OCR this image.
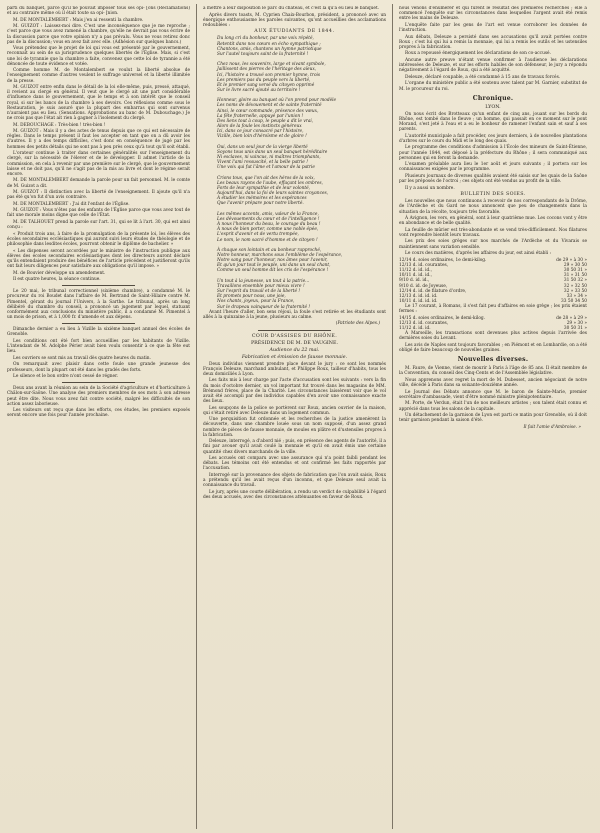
parti du banquet, parce qu'il ne pouvait imposer tous ses opi- [ons (Réclamations) et au contraire même où il était toute sa opi- [nion.

M. DE MONTALEMBERT : Mais j'en ai ressenti la chambre.

M. GUIZOT : Laissez-moi dire. C'est une inconséquence que je me reproche ; c'est parce que vous avez ramené la chambre, qu'elle ne devrait pas vous écrire de la discussion parce que votre opinion n'y a pas prévalu. Vous ne vous retirez donc pas de la discussion; vous en avez fait avec elle. (Adhésion sur quelques bancs.)

Vous prétendez que le projet de loi qui vous est présenté par le gouvernement, reconnaît au sein de sa jurisprudence quelques libertés de l'Église. Mais, si c'est une loi de tyrannie que la chambre a faite, convenez que cette loi de tyrannie a été dénoncée de toute évidence et votée.

Comme homme M. de Montalembert se voulut la liberté absolue de l'enseignement comme d'autres veulent le suffrage universel et la liberté illimitée de la presse.

M. GUIZOT entre enfin dans le détail de la loi elle-même, puis, pressé, attaqué, il revient au clergé en général. Il veut que le clergé ait une part considérable d'influence dans le gouvernement, que le temps et à son intérêt que le conseil royal, si sur les bancs de la chambre à ses devoirs. Ces réflexions comme sous le Restauration, je suis assuré que la plupart des embarras qui sont survenus n'auraient pas eu lieu. (Sensations. Approbations au banc de M. Dubouchage.) Je ne crois pas que l'état ait rien à gagner à l'isolement du clergé.

M. DEBOUCHAGE : Très-bien ! très-bien !

M. GUIZOT : Mais il y a des actes de tenus depuis que ce qui est nécessaire de règles. Dans le temps présent il faut les accepter en tant que on a dû avoir les d'autres. Il y a des temps difficiles, c'est donc en conséquence de jugé par les hommes des petits détails qui ne sont pas à peu près ceux qu'à tout qu'il soit établi.

L'orateur continue à traiter dans certaines généralités sur l'enseignement du clergé, sur la nécessité de l'élever et de le développer. Il admet l'article de la commission, en cela à revenir par une première sur le clergé, que le gouvernement laisse et ne doit pas, qu'il ne s'agit pas de la mis au livre et dont le régime serait encore.

M. DE MONTALEMBERT demande la parole pour un fait personnel. M. le comte de M. Guizot a dit.

M. GUIZOT : Il distinction avec la liberté de l'enseignement. Il ajoute qu'il n'a pas été qu'on fut d'un avis contraire.

M. DE MONTALEMBERT : J'ai dit l'enfant de l'Église.

M. GUIZOT : Vous n'êtes pas des enfants de l'Église parce que vous avez tout de fait une morale moins digne que celle de l'État.

M. DE TALHOUET prend la parole sur l'art. 31, qui se lit à l'art. 30, qui est ainsi conçu :

« Produit trois ans, à faire de la promulgation de la présente loi, les élèves des écoles secondaires ecclésiastiques qui auront suivi leurs études de théologie et de philosophie dans lesdites écoles, pourront obtenir le diplôme de bachelier. »

« Les dispenses seront accordées par le ministre de l'instruction publique aux élèves des écoles secondaires ecclésiastiques dont les directeurs auront déclaré qu'ils entendaient produire des bénéfices de l'article précédent et justifieront qu'ils ont fait leurs diligences pour satisfaire aux obligations qu'il impose. »

M. de Bouvier développe un amendement.

Il est quatre heures, la séance continue.

Le 20 mai, le tribunal correctionnel (sixième chambre), a condamné M. le procureur du roi Boudet dans l'affaire de M. Bertrand de Saint-Hilaire contre M. Pimentel, gérant du journal l'Univers, à la Sarthe. Le tribunal, après un long délibéré du chambre du conseil, a prononcé un jugement par lequel, statuant conformément aux conclusions du ministère public, il a condamné M. Pimentel à un mois de prison, et à 1,000 fr. d'amende et aux dépens.

Dimanche dernier a eu lieu à Vizille la sixième banquet annuel des écoles de Grenoble.

Les conditions ont été fort bien accueillies par les habitants de Vizille. L'intendant de M. Adolphe Périer avait bien voulu consentir à ce que la fête eut lieu.

Les ouvriers se sont mis au travail dès quatre heures du matin.

On remarquait avec plaisir dans cette foule une grande jeunesse des professeurs, dont la plupart ont été dans les gradés des forts.

Le silence et le bon ordre n'ont cessé de régner.

Deux ans avant la réunion au sein de la Société d'agriculture et d'horticulture à Châlon-sur-Saône. Une analyse des premiers membres de ses mots à son adresse peut être dite. Nous vous avez fait contre société, malgré les difficultés de son action assez laborieuse.

Les visiteurs ont reçu que dans les efforts, ces études, les premiers exposés seront encore une fois pour l'année prochaine.

à mettre à leur disposition le parc du château, et c'est là qu'a eu lieu le banquet.

Après divers toasts, M. Cyprien Chaix-Bourbon, président, a prononcé avec un énergique enthousiasme les paroles suivantes, qu'ont accueillies des acclamations redoublées :

AUX ÉTUDIANTS DE 1844.
Du long cri du bonheur, par une voix répété,
Retentit dans nos cœurs en écho sympathique ;
Chantons, amis, chantons un hymne patriotique
Sur l'autel toujours saint de la fraternité !

Chez nous, les souvenirs, large et vivant symbole,
Jaillissent des pierres de l'héritage des aïeux,
Ici, l'histoire a trouvé son premier hymne, trois
Les premiers pas du peuple vers la liberté,
Et le premier sang versé du citoyen opprimé
Sur le livre sacré ajouté au territoire !

Honneur, gloire au banquet où l'on prend pour modèle
Les noms de dévouement et de sainte fraternité
Ainsi, le cœur commande, présence des vœux,
La fête fraternelle, appuyé par l'union !
Des liens tout à coup, le peuple a dit le vrai,
Alors de la foule les instincts généreux
Ici, dans ce jour consacré par l'histoire,
Vizille, bien loin d'héroïsme et de gloire !

Oui, dans un seul jour de la vierge liberté
Soyons tous unis dans un seul banquet héréditaire
Ni esclaves, ni vaincus, ni maîtres triomphants,
Vivent l'ami ressuscité, et la belle patrie !
Une voix qui fut l'âme et l'amour de la patrie

Crions tous, que l'on ait des héros de la voix,
Les beaux rayons de l'aube, effaçant les ombres,
Forts de leur sympathie et de leur volonté,
Aujourd'hui, dans la foi de leurs saintes croyances,
À étudier les mémoires et les espérances
Que l'avenir prépare pour notre liberté.

Les mêmes accents, amis, valeur de la France,
Les dévouements du cœur et de l'intelligence !
À nous l'honneur du beau, le courage du beau !
À nous de bien porter, comme une noble épée,
L'esprit d'avenir et de vertu trempée,
Le nom, le nom sacré d'homme et de citoyen !

À chaque son lointain et au bonheur rapproché,
Notre honneur, marchons sous l'emblème de l'espérance,
Notre sang pour l'honneur, nos âmes pour l'avenir,
Et qu'un jour tout le peuple, uni dans un seul chant,
Comme un seul homme dit les cris de l'espérance !

Un tout à la jeunesse, un tout à la patrie...
Travaillons ensemble pour mieux vivre !
Sur l'esprit du travail et de la liberté !
Et promets pour nous, une joie,
Nos chants, joyeux, pour la France,
Sur le drapeau vainqueur de la fraternité !

Avant l'heure d'aller, bon sens réjoui, la foule s'est retirée et les étudiants sont allés à la quinzaine à la jeune, plusieurs au calme.

(Patriote des Alpes.)
COUR D'ASSISES DU RHÔNE.
PRÉSIDENCE DE M. DE VAUGINE.
Audience du 22 mai.
Fabrication et émission de fausse monnaie.

Deux individus viennent prendre place devant le jury : ce sont les nommés François Deleuze, marchand ambulant, et Philippe Roux, tailleur d'habits, tous les deux domiciliés à Lyon.

Les faits mis à leur charge par l'acte d'accusation sont les suivants : vers la fin du mois d'octobre dernier, un vol important fut trouvé dans les magasins de MM. Brémond frères, place de la Charité. Les circonstances laissèrent voir que le vol avait été accompli par des individus capables d'en avoir une connaissance exacte des lieux.

Les soupçons de la police se portèrent sur Roux, ancien ouvrier de la maison, qui s'était retiré avec Deleuze dans un logement commun.

Une perquisition fut ordonnée et les recherches de la justice amenèrent la découverte, dans une chambre louée sous un nom supposé, d'un assez grand nombre de pièces de fausse monnaie, de moules en plâtre et d'ustensiles propres à la fabrication.

Deleuze, interrogé, a d'abord nié ; puis, en présence des agents de l'autorité, il a fini par avouer qu'il avait coulé la monnaie et qu'il en avait émis une certaine quantité chez divers marchands de la ville.

Les accusés ont comparu avec une assurance qui n'a point faibli pendant les débats. Les témoins ont été entendus et ont confirmé les faits rapportés par l'accusation.

Interrogé sur la provenance des objets de fabrication que l'on avait saisis, Roux a prétendu qu'il les avait reçus d'un inconnu, et que Deleuze seul avait la connaissance du travail.

Le jury, après une courte délibération, a rendu un verdict de culpabilité à l'égard des deux accusés, avec des circonstances atténuantes en faveur de Roux.

nous venons d'énumérer et qui furent le résultat des premières recherches ; elle a commencé l'enquête sur les circonstances dans lesquelles l'argent avait été remis entre les mains de Deleuze.

L'enquête faite par les gens de l'art est venue corroborer les données de l'instruction.

Aux débats, Deleuze a persisté dans ses accusations qu'il avait portées contre Roux ; c'est lui qui lui a remis la monnaie, qui lui a remis les outils et les ustensiles propres à la fabrication.

Roux a repoussé énergiquement les déclarations de son co-accusé.

Ancune autre preuve n'étant venue confirmer à l'audience les déclarations intéressées de Deleuze, et sur les efforts habiles de son défenseur, le jury a répondu négativement à l'égard de Roux, qui a été acquitté.

Deleuze, déclaré coupable, a été condamné à 15 ans de travaux forcés.

L'organe du ministère public a été soutenu avec talent par M. Garnier, substitut de M. le procureur du roi.

Chronique.
LYON.

On nous écrit des Brotteaux qu'un enfant de cinq ans, jouant sur les bords du Rhône, est tombé dans le fleuve ; un homme, qui passait en ce moment sur le pont Morand, s'est jeté à l'eau et a eu le bonheur de ramener l'enfant sain et sauf à ses parents.

L'autorité municipale a fait procéder, ces jours derniers, à de nouvelles plantations d'arbres sur le cours du Midi et le long des quais.

Le programme des conditions d'admission à l'École des mineurs de Saint-Étienne, pour l'année 1844, est déposé à la préfecture du Rhône ; il sera communiqué aux personnes qui en feront la demande.

L'examen préalable aura lieu le 1er août et jours suivants ; il portera sur les connaissances exigées par le programme.

Plusieurs journaux de diverses qualités avaient été saisis sur les quais de la Saône par les préposés de l'octroi ; ces objets ont été vendus au profit de la ville.

Il y a aussi un nombre.

BULLETIN DES SOIES.

Les nouvelles que nous continuons à recevoir de nos correspondants de la Drôme, de l'Ardèche et du Gard ne nous annoncent que peu de changements dans la situation de la récolte, toujours très favorable.

À Avignon, les vers, en général, sont à leur quatrième mue. Les cocons vont y être en abondance et de belle qualité.

La feuille de mûrier est très-abondante et se vend très-difficilement. Nos filatures vont reprendre bientôt leurs travaux.

Les prix des soies grèges sur nos marchés de l'Ardèche et du Vivarais se maintiennent sans variation sensible.

Le cours des matières, d'après les affaires du jour, est ainsi établi :

12/14 d. soies ordinaires, 1e demi-kilog.	de 29 » à 30 »
12/13 d. id. courantes,	29 » 30 50
11/12 d. id. id.,	30 50 31 »
10/11 d. id. id.,	31 » 31 50
9/10 d. id. id.,	31 50 32 »
9/10 d. id. de Joyeuse,	32 » 32 50
12/14 d. id. de filature d'ordre,	32 » 33 50
12/13 d. id. id. id.	33 » 34 »
10/11 d. id. id. id.	33 50 34 50

Le 17 courant, à Romans, il s'est fait peu d'affaires en soie grège ; les prix étaient fermes :

14/15 d. soies ordinaires, le demi-kilog.	de 28 » à 29 »
12/13 d. id. courantes,	29 » 30 »
11/12 d. id. id.	30 50 31 »

À Marseille, les transactions sont devenues plus actives depuis l'arrivée des dernières soies du Levant.

Les avis de Naples sont toujours favorables ; en Piémont et en Lombardie, on a été obligé de faire beaucoup de nouvelles graines.

Nouvelles diverses.

M. Faure, de Vienne, vient de mourir à Paris à l'âge de 85 ans. Il était membre de la Convention, du conseil des Cinq-Cents et de l'Assemblée législative.

Nous apprenons avec regret la mort de M. Dubesset, ancien négociant de notre ville, décédé à Paris dans sa soixante-douzième année.

Le Journal des Débats annonce que M. le baron de Sainte-Marie, premier secrétaire d'ambassade, vient d'être nommé ministre plénipotentiaire.

M. Porte, de Verdun, était l'un de nos meilleurs artistes ; son talent était connu et apprécié dans tous les salons de la capitale.

Un détachement de la garnison de Lyon est parti ce matin pour Grenoble, où il doit tenir garnison pendant la saison d'été.

Il fait l'amie d'Ambroise. »
